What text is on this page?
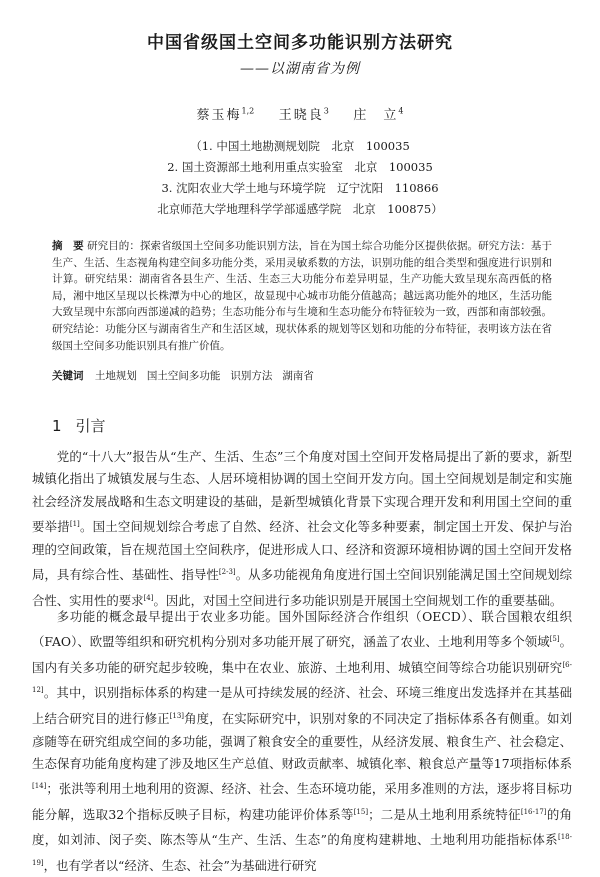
中国省级国土空间多功能识别方法研究
——以湖南省为例
蔡玉梅$^{1,2}$ 王晓良$^3$ 庄　立$^4$
（1. 中国土地勘测规划院　北京　100035
2. 国土资源部土地利用重点实验室　北京　100035
3. 沈阳农业大学土地与环境学院　辽宁沈阳　110866
北京师范大学地理科学学部遥感学院　北京　100875）
摘　要 研究目的：探索省级国土空间多功能识别方法，旨在为国土综合功能分区提供依据。研究方法：基于生产、生活、生态视角构建空间多功能分类，采用灵敏系数的方法，识别功能的组合类型和强度进行识别和计算。研究结果：湖南省各县生产、生活、生态三大功能分布差异明显，生产功能大致呈现东高西低的格局，湘中地区呈现以长株潭为中心的地区，故显现中心城市功能分值越高；越远离功能外的地区，生活功能大致呈现中东部向西部递减的趋势；生态功能分布与生境和生态功能分布特征较为一致，西部和南部较强。研究结论：功能分区与湖南省生产和生活区域，现状体系的规划等区划和功能的分布特征，表明该方法在省级国土空间多功能识别具有推广价值。
关键词 土地规划 国土空间多功能 识别方法 湖南省
1 引言
党的“十八大”报告从“生产、生活、生态”三个角度对国土空间开发格局提出了新的要求，新型城镇化指出了城镇发展与生态、人居环境相协调的国土空间开发方向。国土空间规划是制定和实施社会经济发展战略和生态文明建设的基础，是新型城镇化背景下实现合理开发和利用国土空间的重要举措[1]。国土空间规划综合考虑了自然、经济、社会文化等多种要素，制定国土开发、保护与治理的空间政策，旨在规范国土空间秩序，促进形成人口、经济和资源环境相协调的国土空间开发格局，具有综合性、基础性、指导性[2-3]。从多功能视角角度进行国土空间识别能满足国土空间规划综合性、实用性的要求[4]。因此，对国土空间进行多功能识别是开展国土空间规划工作的重要基础。
多功能的概念最早提出于农业多功能。国外国际经济合作组织（OECD）、联合国粮农组织（FAO）、欧盟等组织和研究机构分别对多功能开展了研究，涵盖了农业、土地利用等多个领域[5]。国内有关多功能的研究起步较晚，集中在农业、旅游、土地利用、城镇空间等综合功能识别研究[6-12]。其中，识别指标体系的构建一是从可持续发展的经济、社会、环境三维度出发选择并在其基础上结合研究目的进行修正[13]角度，在实际研究中，识别对象的不同决定了指标体系各有侧重。如刘彦随等在研究组成空间的多功能，强调了粮食安全的重要性，从经济发展、粮食生产、社会稳定、生态保育功能角度构建了涉及地区生产总值、财政贡献率、城镇化率、粮食总产量等17项指标体系[14]；张洪等利用土地利用的资源、经济、社会、生态环境功能，采用多准则的方法，逐步将目标功能分解，选取32个指标反映子目标，构建功能评价体系等[15]；二是从土地利用系统特征[16-17]的角度，如刘沛、闵子奕、陈杰等从“生产、生活、生态”的角度构建耕地、土地利用功能指标体系[18-19]，也有学者以“经济、生态、社会”为基础进行研究
